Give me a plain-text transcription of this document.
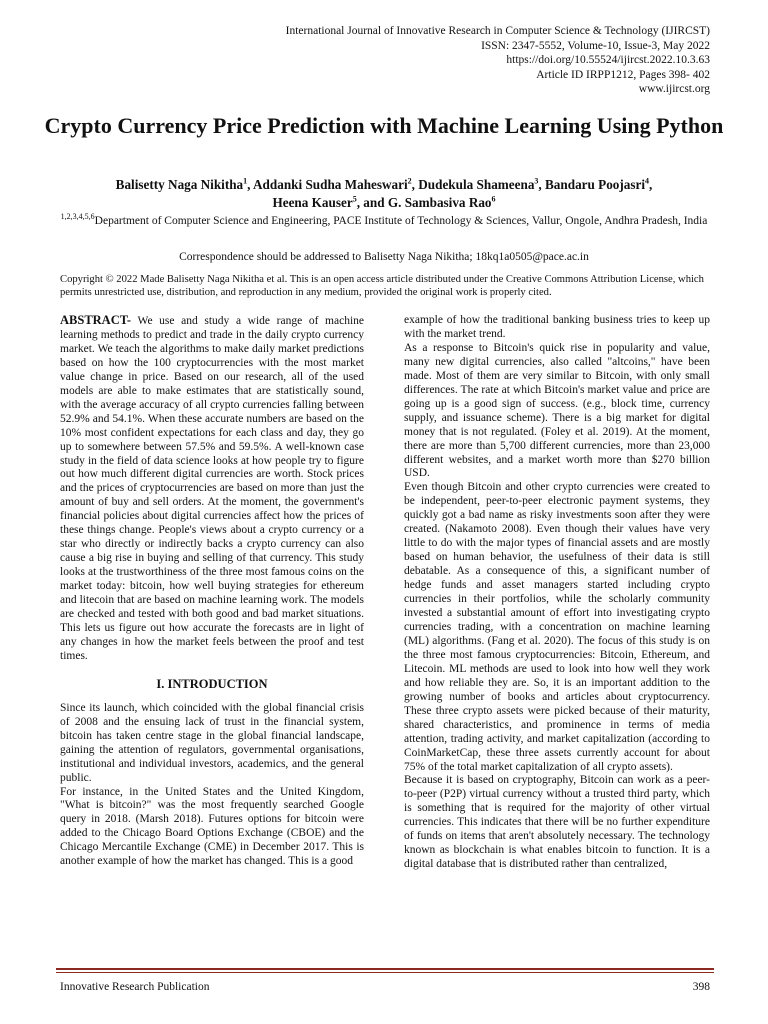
International Journal of Innovative Research in Computer Science & Technology (IJIRCST)
ISSN: 2347-5552, Volume-10, Issue-3, May 2022
https://doi.org/10.55524/ijircst.2022.10.3.63
Article ID IRPP1212, Pages 398- 402
www.ijircst.org
Crypto Currency Price Prediction with Machine Learning Using Python
Balisetty Naga Nikitha$^1$, Addanki Sudha Maheswari$^2$, Dudekula Shameena$^3$, Bandaru Poojasri$^4$,
Heena Kauser$^5$, and G. Sambasiva Rao$^6$
$^{1,2,3,4,5,6}$Department of Computer Science and Engineering, PACE Institute of Technology & Sciences, Vallur, Ongole, Andhra Pradesh, India
Correspondence should be addressed to Balisetty Naga Nikitha; 18kq1a0505@pace.ac.in
Copyright © 2022 Made Balisetty Naga Nikitha et al. This is an open access article distributed under the Creative Commons Attribution License, which permits unrestricted use, distribution, and reproduction in any medium, provided the original work is properly cited.

ABSTRACT- We use and study a wide range of machine learning methods to predict and trade in the daily crypto currency market. We teach the algorithms to make daily market predictions based on how the 100 cryptocurrencies with the most market value change in price. Based on our research, all of the used models are able to make estimates that are statistically sound, with the average accuracy of all crypto currencies falling between 52.9% and 54.1%. When these accurate numbers are based on the 10% most confident expectations for each class and day, they go up to somewhere between 57.5% and 59.5%. A well-known case study in the field of data science looks at how people try to figure out how much different digital currencies are worth. Stock prices and the prices of cryptocurrencies are based on more than just the amount of buy and sell orders. At the moment, the government's financial policies about digital currencies affect how the prices of these things change. People's views about a crypto currency or a star who directly or indirectly backs a crypto currency can also cause a big rise in buying and selling of that currency. This study looks at the trustworthiness of the three most famous coins on the market today: bitcoin, how well buying strategies for ethereum and litecoin that are based on machine learning work. The models are checked and tested with both good and bad market situations. This lets us figure out how accurate the forecasts are in light of any changes in how the market feels between the proof and test times.

I. INTRODUCTION

Since its launch, which coincided with the global financial crisis of 2008 and the ensuing lack of trust in the financial system, bitcoin has taken centre stage in the global financial landscape, gaining the attention of regulators, governmental organisations, institutional and individual investors, academics, and the general public.

For instance, in the United States and the United Kingdom, "What is bitcoin?" was the most frequently searched Google query in 2018. (Marsh 2018). Futures options for bitcoin were added to the Chicago Board Options Exchange (CBOE) and the Chicago Mercantile Exchange (CME) in December 2017. This is another example of how the market has changed. This is a good

example of how the traditional banking business tries to keep up with the market trend.

As a response to Bitcoin's quick rise in popularity and value, many new digital currencies, also called "altcoins," have been made. Most of them are very similar to Bitcoin, with only small differences. The rate at which Bitcoin's market value and price are going up is a good sign of success. (e.g., block time, currency supply, and issuance scheme). There is a big market for digital money that is not regulated. (Foley et al. 2019). At the moment, there are more than 5,700 different currencies, more than 23,000 different websites, and a market worth more than $270 billion USD.

Even though Bitcoin and other crypto currencies were created to be independent, peer-to-peer electronic payment systems, they quickly got a bad name as risky investments soon after they were created. (Nakamoto 2008). Even though their values have very little to do with the major types of financial assets and are mostly based on human behavior, the usefulness of their data is still debatable. As a consequence of this, a significant number of hedge funds and asset managers started including crypto currencies in their portfolios, while the scholarly community invested a substantial amount of effort into investigating crypto currencies trading, with a concentration on machine learning (ML) algorithms. (Fang et al. 2020). The focus of this study is on the three most famous cryptocurrencies: Bitcoin, Ethereum, and Litecoin. ML methods are used to look into how well they work and how reliable they are. So, it is an important addition to the growing number of books and articles about cryptocurrency. These three crypto assets were picked because of their maturity, shared characteristics, and prominence in terms of media attention, trading activity, and market capitalization (according to CoinMarketCap, these three assets currently account for about 75% of the total market capitalization of all crypto assets).

Because it is based on cryptography, Bitcoin can work as a peer-to-peer (P2P) virtual currency without a trusted third party, which is something that is required for the majority of other virtual currencies. This indicates that there will be no further expenditure of funds on items that aren't absolutely necessary. The technology known as blockchain is what enables bitcoin to function. It is a digital database that is distributed rather than centralized,

Innovative Research Publication	398
